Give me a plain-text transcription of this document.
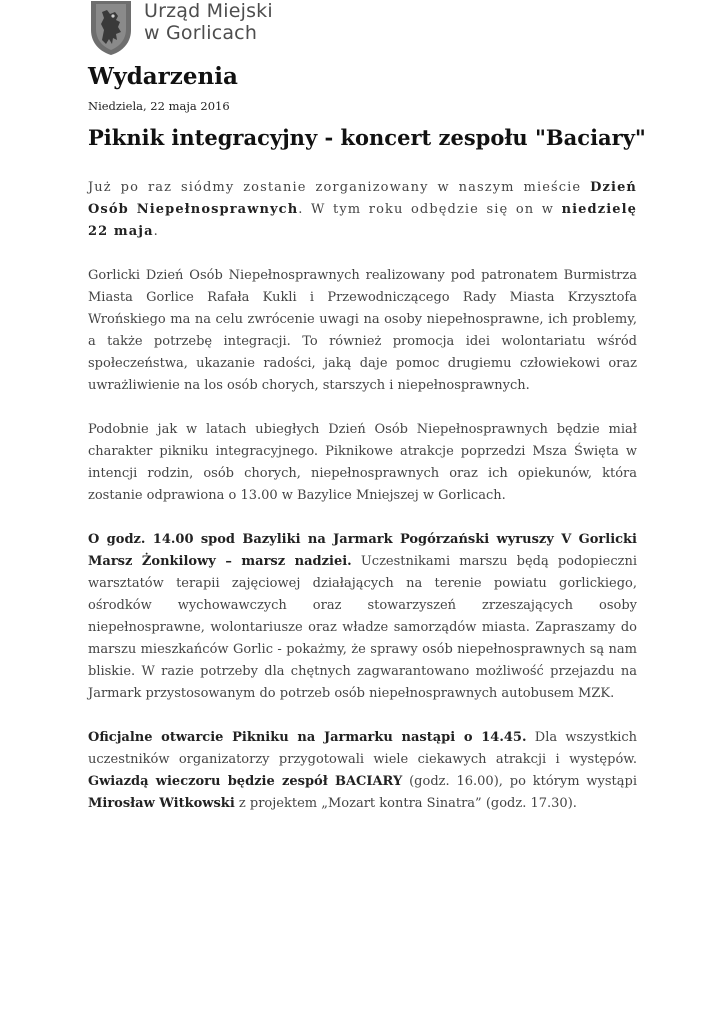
Urząd Miejski
w Gorlicach
Wydarzenia
Niedziela, 22 maja 2016
Piknik integracyjny - koncert zespołu "Baciary"

Już po raz siódmy zostanie zorganizowany w naszym mieście Dzień Osób Niepełnosprawnych. W tym roku odbędzie się on w niedzielę 22 maja.

Gorlicki Dzień Osób Niepełnosprawnych realizowany pod patronatem Burmistrza Miasta Gorlice Rafała Kukli i Przewodniczącego Rady Miasta Krzysztofa Wrońskiego ma na celu zwrócenie uwagi na osoby niepełnosprawne, ich problemy, a także potrzebę integracji. To również promocja idei wolontariatu wśród społeczeństwa, ukazanie radości, jaką daje pomoc drugiemu człowiekowi oraz uwrażliwienie na los osób chorych, starszych i niepełnosprawnych.

Podobnie jak w latach ubiegłych Dzień Osób Niepełnosprawnych będzie miał charakter pikniku integracyjnego. Piknikowe atrakcje poprzedzi Msza Święta w intencji rodzin, osób chorych, niepełnosprawnych oraz ich opiekunów, która zostanie odprawiona o 13.00 w Bazylice Mniejszej w Gorlicach.

O godz. 14.00 spod Bazyliki na Jarmark Pogórzański wyruszy V Gorlicki Marsz Żonkilowy – marsz nadziei. Uczestnikami marszu będą podopieczni warsztatów terapii zajęciowej działających na terenie powiatu gorlickiego, ośrodków wychowawczych oraz stowarzyszeń zrzeszających osoby niepełnosprawne, wolontariusze oraz władze samorządów miasta. Zapraszamy do marszu mieszkańców Gorlic - pokażmy, że sprawy osób niepełnosprawnych są nam bliskie. W razie potrzeby dla chętnych zagwarantowano możliwość przejazdu na Jarmark przystosowanym do potrzeb osób niepełnosprawnych autobusem MZK.

Oficjalne otwarcie Pikniku na Jarmarku nastąpi o 14.45. Dla wszystkich uczestników organizatorzy przygotowali wiele ciekawych atrakcji i występów. Gwiazdą wieczoru będzie zespół BACIARY (godz. 16.00), po którym wystąpi Mirosław Witkowski z projektem „Mozart kontra Sinatra” (godz. 17.30).
